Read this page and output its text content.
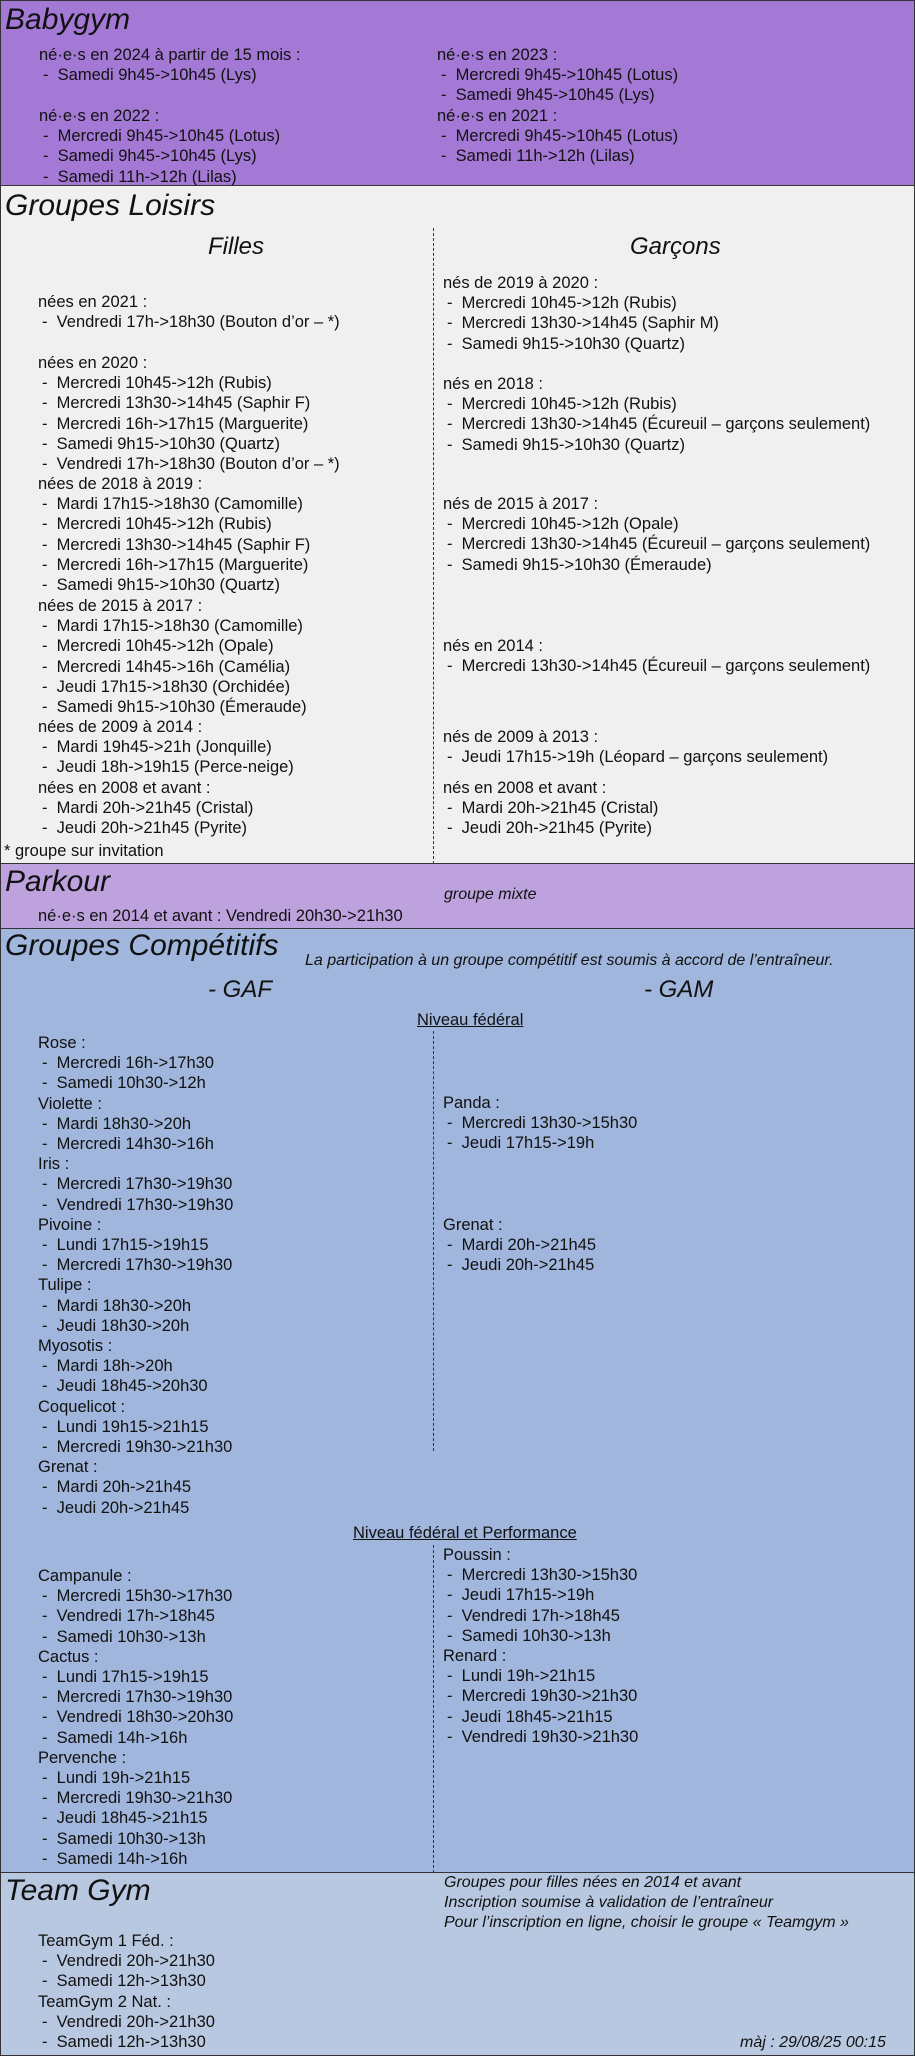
Babygym
né·e·s en 2024 à partir de 15 mois :
-  Samedi 9h45->10h45 (Lys)
né·e·s en 2023 :
-  Mercredi 9h45->10h45 (Lotus)
-  Samedi 9h45->10h45 (Lys)
né·e·s en 2022 :
-  Mercredi 9h45->10h45 (Lotus)
-  Samedi 9h45->10h45 (Lys)
-  Samedi 11h->12h (Lilas)
né·e·s en 2021 :
-  Mercredi 9h45->10h45 (Lotus)
-  Samedi 11h->12h (Lilas)
Groupes Loisirs
Filles	Garçons
nées en 2021 :
-  Vendredi 17h->18h30 (Bouton d’or – *)
nées en 2020 :
-  Mercredi 10h45->12h (Rubis)
-  Mercredi 13h30->14h45 (Saphir F)
-  Mercredi 16h->17h15 (Marguerite)
-  Samedi 9h15->10h30 (Quartz)
-  Vendredi 17h->18h30 (Bouton d’or – *)
nées de 2018 à 2019 :
-  Mardi 17h15->18h30 (Camomille)
-  Mercredi 10h45->12h (Rubis)
-  Mercredi 13h30->14h45 (Saphir F)
-  Mercredi 16h->17h15 (Marguerite)
-  Samedi 9h15->10h30 (Quartz)
nées de 2015 à 2017 :
-  Mardi 17h15->18h30 (Camomille)
-  Mercredi 10h45->12h (Opale)
-  Mercredi 14h45->16h (Camélia)
-  Jeudi 17h15->18h30 (Orchidée)
-  Samedi 9h15->10h30 (Émeraude)
nées de 2009 à 2014 :
-  Mardi 19h45->21h (Jonquille)
-  Jeudi 18h->19h15 (Perce-neige)
nées en 2008 et avant :
-  Mardi 20h->21h45 (Cristal)
-  Jeudi 20h->21h45 (Pyrite)
* groupe sur invitation
nés de 2019 à 2020 :
-  Mercredi 10h45->12h (Rubis)
-  Mercredi 13h30->14h45 (Saphir M)
-  Samedi 9h15->10h30 (Quartz)
nés en 2018 :
-  Mercredi 10h45->12h (Rubis)
-  Mercredi 13h30->14h45 (Écureuil – garçons seulement)
-  Samedi 9h15->10h30 (Quartz)
nés de 2015 à 2017 :
-  Mercredi 10h45->12h (Opale)
-  Mercredi 13h30->14h45 (Écureuil – garçons seulement)
-  Samedi 9h15->10h30 (Émeraude)
nés en 2014 :
-  Mercredi 13h30->14h45 (Écureuil – garçons seulement)
nés de 2009 à 2013 :
-  Jeudi 17h15->19h (Léopard – garçons seulement)
nés en 2008 et avant :
-  Mardi 20h->21h45 (Cristal)
-  Jeudi 20h->21h45 (Pyrite)
Parkour	groupe mixte
né·e·s en 2014 et avant : Vendredi 20h30->21h30
Groupes Compétitifs La participation à un groupe compétitif est soumis à accord de l’entraîneur.
- GAF	- GAM
Niveau fédéral
Niveau fédéral et Performance
Rose :
-  Mercredi 16h->17h30
-  Samedi 10h30->12h
Violette :
-  Mardi 18h30->20h
-  Mercredi 14h30->16h
Iris :
-  Mercredi 17h30->19h30
-  Vendredi 17h30->19h30
Pivoine :
-  Lundi 17h15->19h15
-  Mercredi 17h30->19h30
Tulipe :
-  Mardi 18h30->20h
-  Jeudi 18h30->20h
Myosotis :
-  Mardi 18h->20h
-  Jeudi 18h45->20h30
Coquelicot :
-  Lundi 19h15->21h15
-  Mercredi 19h30->21h30
Grenat :
-  Mardi 20h->21h45
-  Jeudi 20h->21h45
Panda :
-  Mercredi 13h30->15h30
-  Jeudi 17h15->19h
Grenat :
-  Mardi 20h->21h45
-  Jeudi 20h->21h45
Campanule :
-  Mercredi 15h30->17h30
-  Vendredi 17h->18h45
-  Samedi 10h30->13h
Cactus :
-  Lundi 17h15->19h15
-  Mercredi 17h30->19h30
-  Vendredi 18h30->20h30
-  Samedi 14h->16h
Pervenche :
-  Lundi 19h->21h15
-  Mercredi 19h30->21h30
-  Jeudi 18h45->21h15
-  Samedi 10h30->13h
-  Samedi 14h->16h
Poussin :
-  Mercredi 13h30->15h30
-  Jeudi 17h15->19h
-  Vendredi 17h->18h45
-  Samedi 10h30->13h
Renard :
-  Lundi 19h->21h15
-  Mercredi 19h30->21h30
-  Jeudi 18h45->21h15
-  Vendredi 19h30->21h30
Team Gym	Groupes pour filles nées en 2014 et avant
Inscription soumise à validation de l’entraîneur
Pour l’inscription en ligne, choisir le groupe « Teamgym »
TeamGym 1 Féd. :
-  Vendredi 20h->21h30
-  Samedi 12h->13h30
TeamGym 2 Nat. :
-  Vendredi 20h->21h30
-  Samedi 12h->13h30	màj : 29/08/25 00:15
